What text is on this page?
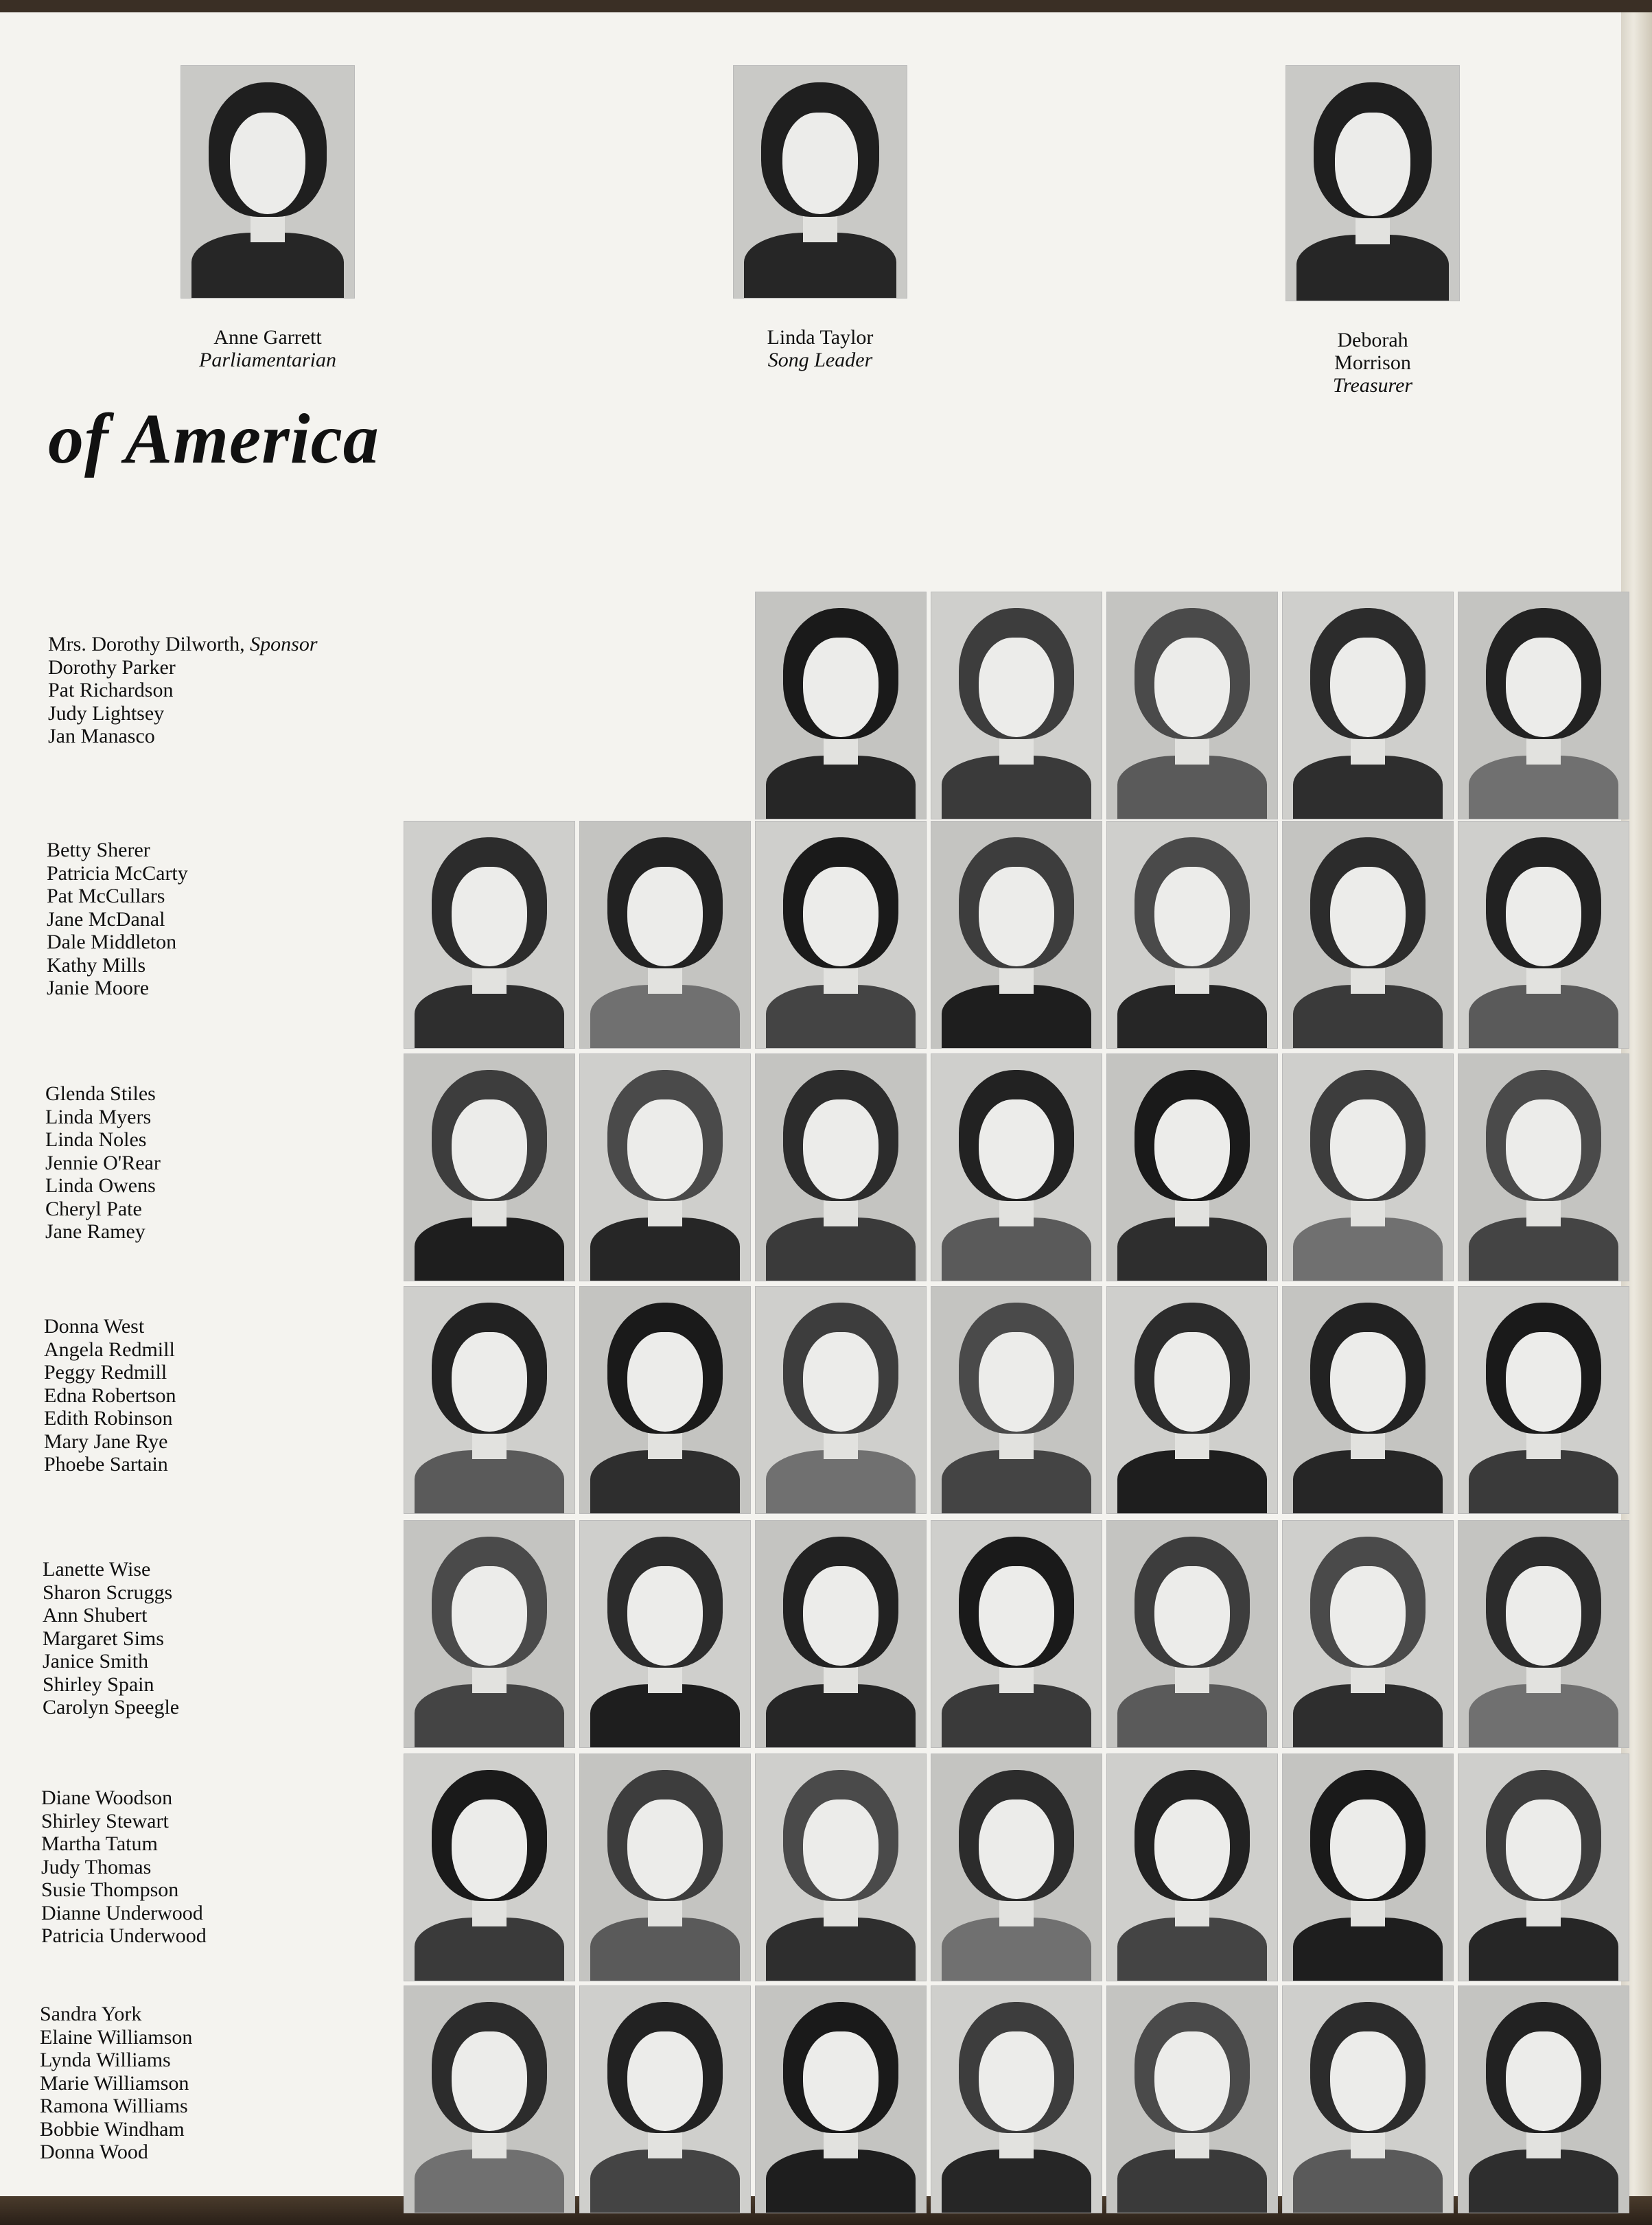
Anne Garrett
Parliamentarian
Linda Taylor
Song Leader
Deborah
Morrison
Treasurer
of America
Mrs. Dorothy Dilworth, Sponsor
Dorothy Parker
Pat Richardson
Judy Lightsey
Jan Manasco
Betty Sherer
Patricia McCarty
Pat McCullars
Jane McDanal
Dale Middleton
Kathy Mills
Janie Moore
Glenda Stiles
Linda Myers
Linda Noles
Jennie O'Rear
Linda Owens
Cheryl Pate
Jane Ramey
Donna West
Angela Redmill
Peggy Redmill
Edna Robertson
Edith Robinson
Mary Jane Rye
Phoebe Sartain
Lanette Wise
Sharon Scruggs
Ann Shubert
Margaret Sims
Janice Smith
Shirley Spain
Carolyn Speegle
Diane Woodson
Shirley Stewart
Martha Tatum
Judy Thomas
Susie Thompson
Dianne Underwood
Patricia Underwood
Sandra York
Elaine Williamson
Lynda Williams
Marie Williamson
Ramona Williams
Bobbie Windham
Donna Wood
